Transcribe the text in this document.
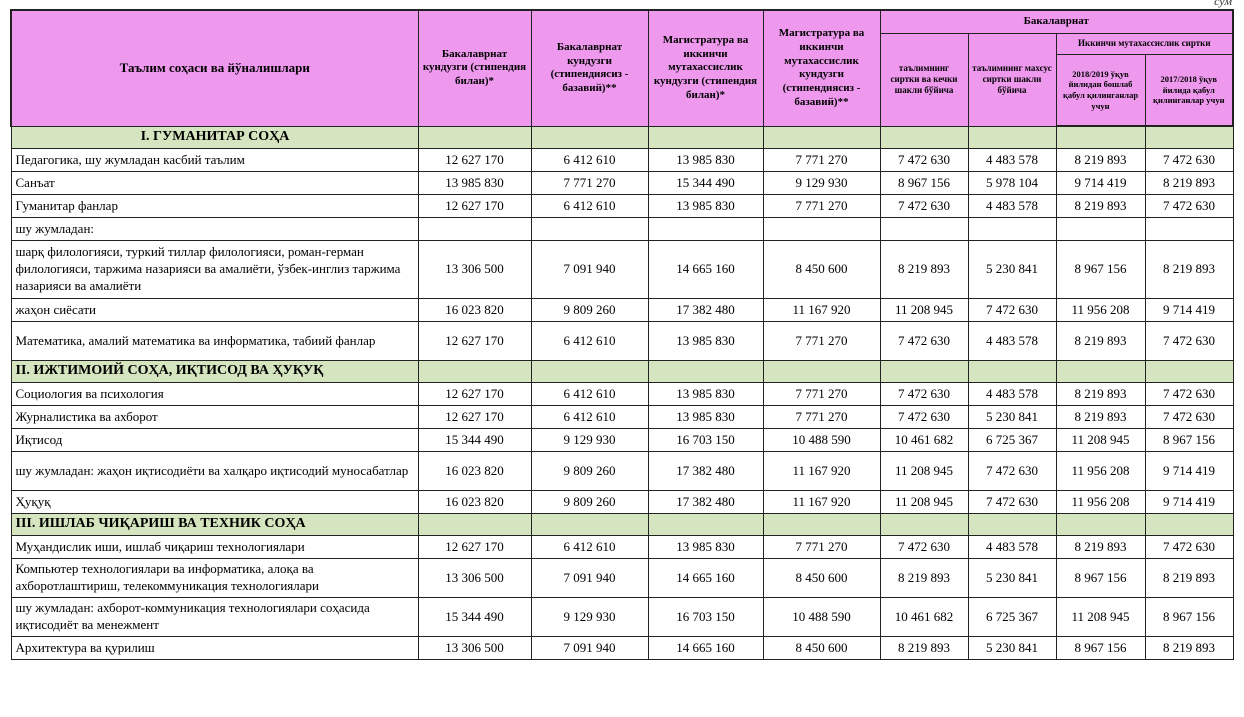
сум
Таълим соҳаси ва йўналишлари	Бакалаврнат кундузги (стипендия билан)*	Бакалаврнат кундузги (стипендиясиз - базавий)**	Магистратура ва иккинчи мутахассислик кундузги (стипендия билан)*	Магистратура ва иккинчи мутахассислик кундузги (стипендиясиз - базавий)**	Бакалаврнат			
					таълимнинг сиртки ва кечки шакли бўйича	таълимнинг махсус сиртки шакли бўйича	Иккинчи мутахассислик сиртки	
							2018/2019 ўқув йилидан бошлаб қабул қилинганлар учун	2017/2018 ўқув йилида қабул қилинганлар учун
I. ГУМАНИТАР СОҲА								
Педагогика, шу жумладан касбий таълим	12 627 170	6 412 610	13 985 830	7 771 270	7 472 630	4 483 578	8 219 893	7 472 630
Санъат	13 985 830	7 771 270	15 344 490	9 129 930	8 967 156	5 978 104	9 714 419	8 219 893
Гуманитар фанлар	12 627 170	6 412 610	13 985 830	7 771 270	7 472 630	4 483 578	8 219 893	7 472 630
шу жумладан:								
шарқ филологияси, туркий тиллар филологияси, роман-герман филологияси, таржима назарияси ва амалиёти, ўзбек-инглиз таржима назарияси ва амалиёти	13 306 500	7 091 940	14 665 160	8 450 600	8 219 893	5 230 841	8 967 156	8 219 893
жаҳон сиёсати	16 023 820	9 809 260	17 382 480	11 167 920	11 208 945	7 472 630	11 956 208	9 714 419
Математика, амалий математика ва информатика, табиий фанлар	12 627 170	6 412 610	13 985 830	7 771 270	7 472 630	4 483 578	8 219 893	7 472 630
II. ИЖТИМОИЙ СОҲА, ИҚТИСОД ВА ҲУҚУҚ								
Социология ва психология	12 627 170	6 412 610	13 985 830	7 771 270	7 472 630	4 483 578	8 219 893	7 472 630
Журналистика ва ахборот	12 627 170	6 412 610	13 985 830	7 771 270	7 472 630	5 230 841	8 219 893	7 472 630
Иқтисод	15 344 490	9 129 930	16 703 150	10 488 590	10 461 682	6 725 367	11 208 945	8 967 156
шу жумладан: жаҳон иқтисодиёти ва халқаро иқтисодий муносабатлар	16 023 820	9 809 260	17 382 480	11 167 920	11 208 945	7 472 630	11 956 208	9 714 419
Ҳуқуқ	16 023 820	9 809 260	17 382 480	11 167 920	11 208 945	7 472 630	11 956 208	9 714 419
III. ИШЛАБ ЧИҚАРИШ ВА ТЕХНИК СОҲА								
Муҳандислик иши, ишлаб чиқариш технологиялари	12 627 170	6 412 610	13 985 830	7 771 270	7 472 630	4 483 578	8 219 893	7 472 630
Компьютер технологиялари ва информатика, алоқа ва ахборотлаштириш, телекоммуникация технологиялари	13 306 500	7 091 940	14 665 160	8 450 600	8 219 893	5 230 841	8 967 156	8 219 893
шу жумладан: ахборот-коммуникация технологиялари соҳасида иқтисодиёт ва менежмент	15 344 490	9 129 930	16 703 150	10 488 590	10 461 682	6 725 367	11 208 945	8 967 156
Архитектура ва қурилиш	13 306 500	7 091 940	14 665 160	8 450 600	8 219 893	5 230 841	8 967 156	8 219 893
